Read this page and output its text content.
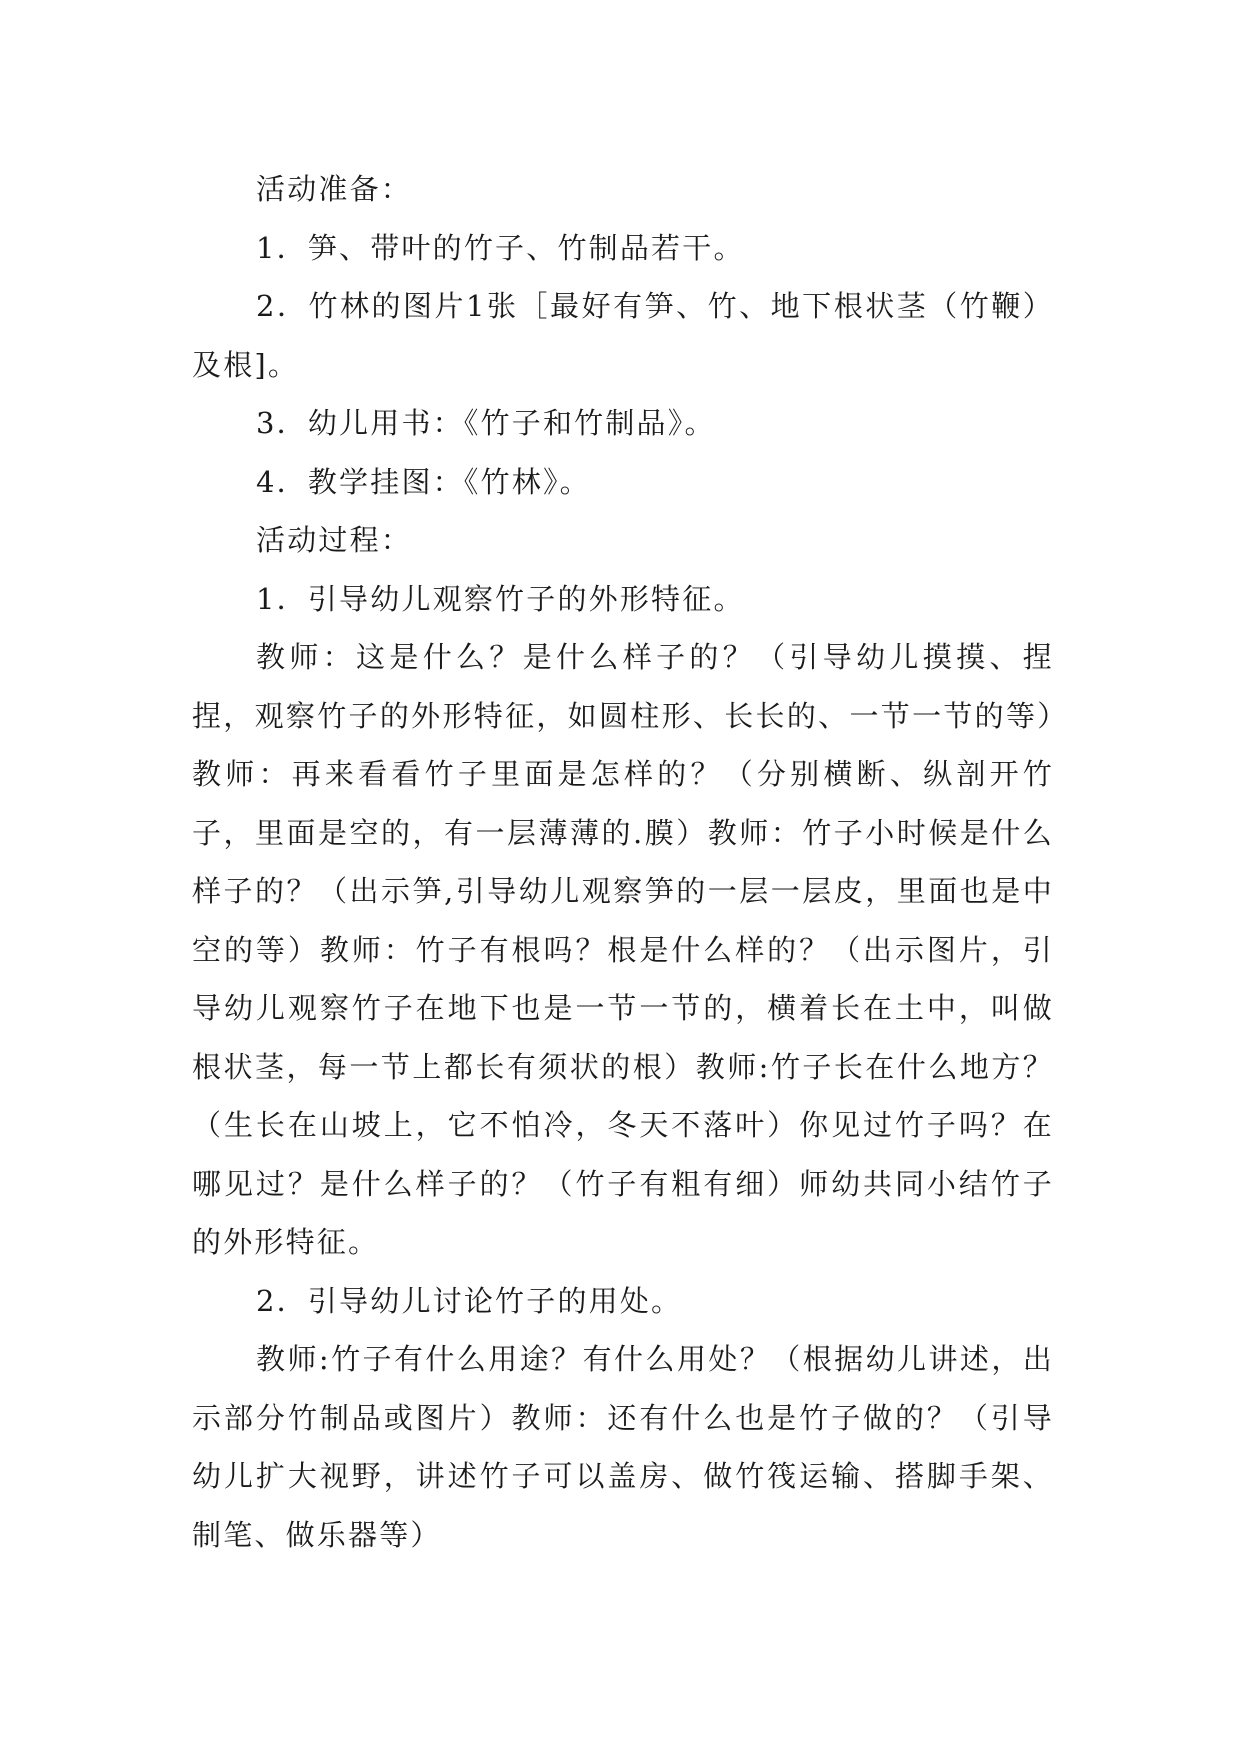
活动准备：

1．笋、带叶的竹子、竹制品若干。

2．竹林的图片1张［最好有笋、竹、地下根状茎（竹鞭）及根]。

3．幼儿用书：《竹子和竹制品》。

4．教学挂图：《竹林》。

活动过程：

1．引导幼儿观察竹子的外形特征。

教师：这是什么？是什么样子的？（引导幼儿摸摸、捏捏，观察竹子的外形特征，如圆柱形、长长的、一节一节的等）教师：再来看看竹子里面是怎样的？（分别横断、纵剖开竹子，里面是空的，有一层薄薄的.膜）教师：竹子小时候是什么样子的？（出示笋,引导幼儿观察笋的一层一层皮，里面也是中空的等）教师：竹子有根吗？根是什么样的？（出示图片，引导幼儿观察竹子在地下也是一节一节的，横着长在土中，叫做根状茎，每一节上都长有须状的根）教师:竹子长在什么地方？（生长在山坡上，它不怕冷，冬天不落叶）你见过竹子吗？在哪见过？是什么样子的？（竹子有粗有细）师幼共同小结竹子的外形特征。

2．引导幼儿讨论竹子的用处。

教师:竹子有什么用途？有什么用处？（根据幼儿讲述，出示部分竹制品或图片）教师：还有什么也是竹子做的？（引导幼儿扩大视野，讲述竹子可以盖房、做竹筏运输、搭脚手架、制笔、做乐器等）
